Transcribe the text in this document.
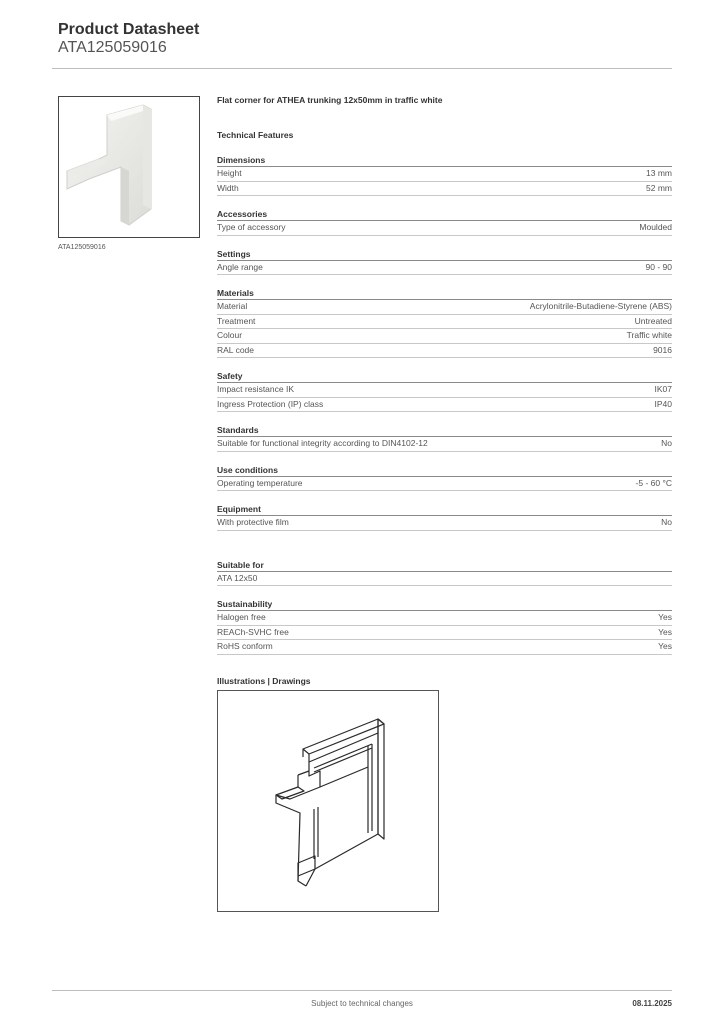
Product Datasheet
ATA125059016
ATA125059016
Flat corner for ATHEA trunking 12x50mm in traffic white
Technical Features
Dimensions
Height	13 mm
Width	52 mm
Accessories
Type of accessory	Moulded
Settings
Angle range	90 - 90
Materials
Material	Acrylonitrile-Butadiene-Styrene (ABS)
Treatment	Untreated
Colour	Traffic white
RAL code	9016
Safety
Impact resistance IK	IK07
Ingress Protection (IP) class	IP40
Standards
Suitable for functional integrity according to DIN4102-12	No
Use conditions
Operating temperature	-5 - 60 °C
Equipment
With protective film	No
Suitable for
ATA 12x50
Sustainability
Halogen free	Yes
REACh-SVHC free	Yes
RoHS conform	Yes
Illustrations | Drawings
Subject to technical changes	08.11.2025
